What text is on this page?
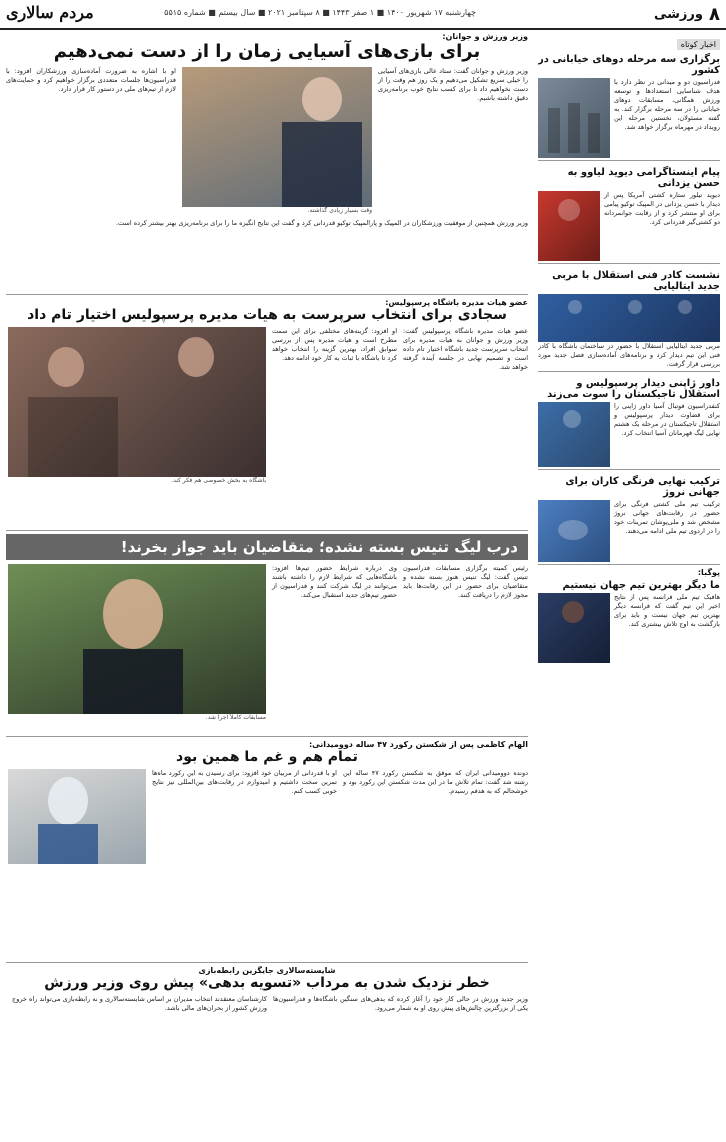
۸
ورزشی
چهارشنبه ۱۷ شهریور ۱۴۰۰ ■ ۱ صفر ۱۴۴۳ ■ ۸ سپتامبر ۲۰۲۱ ■ سال بیستم ■ شماره ۵۵۱۵
مردم سالاری
اخبار کوتاه
برگزاری سه مرحله دوهای خیابانی در کشور
فدراسیون دو و میدانی در نظر دارد با هدف شناسایی استعدادها و توسعه ورزش همگانی، مسابقات دوهای خیابانی را در سه مرحله برگزار کند. به گفته مسئولان، نخستین مرحله این رویداد در مهرماه برگزار خواهد شد.
پیام اینستاگرامی دیوید لیاوو به حسن یزدانی
دیوید تیلور ستاره کشتی آمریکا پس از دیدار با حسن یزدانی در المپیک توکیو پیامی برای او منتشر کرد و از رقابت جوانمردانه دو کشتی‌گیر قدردانی کرد.
نشست کادر فنی استقلال با مربی جدید ایتالیایی
مربی جدید ایتالیایی استقلال با حضور در ساختمان باشگاه با کادر فنی این تیم دیدار کرد و برنامه‌های آماده‌سازی فصل جدید مورد بررسی قرار گرفت.
داور ژاپنی دیدار پرسپولیس و استقلال تاجیکستان را سوت می‌زند
کنفدراسیون فوتبال آسیا داور ژاپنی را برای قضاوت دیدار پرسپولیس و استقلال تاجیکستان در مرحله یک هشتم نهایی لیگ قهرمانان آسیا انتخاب کرد.
ترکیب نهایی فرنگی کاران برای جهانی نروژ
ترکیب تیم ملی کشتی فرنگی برای حضور در رقابت‌های جهانی نروژ مشخص شد و ملی‌پوشان تمرینات خود را در اردوی تیم ملی ادامه می‌دهند.
پوگبا:
ما دیگر بهترین تیم جهان نیستیم
هافبک تیم ملی فرانسه پس از نتایج اخیر این تیم گفت که فرانسه دیگر بهترین تیم جهان نیست و باید برای بازگشت به اوج تلاش بیشتری کند.
وزیر ورزش و جوانان:
برای بازی‌های آسیایی زمان را از دست نمی‌دهیم
وزیر ورزش و جوانان گفت: ستاد عالی بازی‌های آسیایی را خیلی سریع تشکیل می‌دهیم و یک روز هم وقت را از دست نخواهیم داد تا برای کسب نتایج خوب برنامه‌ریزی دقیق داشته باشیم.
وقت بسیار زیادی گذاشته.
او با اشاره به ضرورت آماده‌سازی ورزشکاران افزود: با فدراسیون‌ها جلسات متعددی برگزار خواهیم کرد و حمایت‌های لازم از تیم‌های ملی در دستور کار قرار دارد.
وزیر ورزش همچنین از موفقیت ورزشکاران در المپیک و پارالمپیک توکیو قدردانی کرد و گفت این نتایج انگیزه ما را برای برنامه‌ریزی بهتر بیشتر کرده است.
عضو هیات مدیره باشگاه پرسپولیس:
سجادی برای انتخاب سرپرست به هیات مدیره پرسپولیس اختیار تام داد
عضو هیات مدیره باشگاه پرسپولیس گفت: وزیر ورزش و جوانان به هیات مدیره برای انتخاب سرپرست جدید باشگاه اختیار تام داده است و تصمیم نهایی در جلسه آینده گرفته خواهد شد.
او افزود: گزینه‌های مختلفی برای این سمت مطرح است و هیات مدیره پس از بررسی سوابق افراد، بهترین گزینه را انتخاب خواهد کرد تا باشگاه با ثبات به کار خود ادامه دهد.
باشگاه به بخش خصوصی هم فکر کند.
درب لیگ تنیس بسته نشده؛ متقاضیان باید جواز بخرند!
رئیس کمیته برگزاری مسابقات فدراسیون تنیس گفت: لیگ تنیس هنوز بسته نشده و متقاضیان برای حضور در این رقابت‌ها باید مجوز لازم را دریافت کنند.
وی درباره شرایط حضور تیم‌ها افزود: باشگاه‌هایی که شرایط لازم را داشته باشند می‌توانند در لیگ شرکت کنند و فدراسیون از حضور تیم‌های جدید استقبال می‌کند.
مسابقات کاملاً اجرا شد.
الهام کاظمی پس از شکستن رکورد ۴۷ ساله دوومیدانی:
تمام هم و غم ما همین بود
دونده دوومیدانی ایران که موفق به شکستن رکورد ۴۷ ساله این رشته شد گفت: تمام تلاش ما در این مدت شکستن این رکورد بود و خوشحالم که به هدفم رسیدم.
او با قدردانی از مربیان خود افزود: برای رسیدن به این رکورد ماه‌ها تمرین سخت داشتیم و امیدوارم در رقابت‌های بین‌المللی نیز نتایج خوبی کسب کنم.
شایسته‌سالاری جایگزین رابطه‌بازی
خطر نزدیک شدن به مرداب «تسویه بدهی» پیش روی وزیر ورزش
وزیر جدید ورزش در حالی کار خود را آغاز کرده که بدهی‌های سنگین باشگاه‌ها و فدراسیون‌ها یکی از بزرگترین چالش‌های پیش روی او به شمار می‌رود.
کارشناسان معتقدند انتخاب مدیران بر اساس شایسته‌سالاری و نه رابطه‌بازی می‌تواند راه خروج ورزش کشور از بحران‌های مالی باشد.
